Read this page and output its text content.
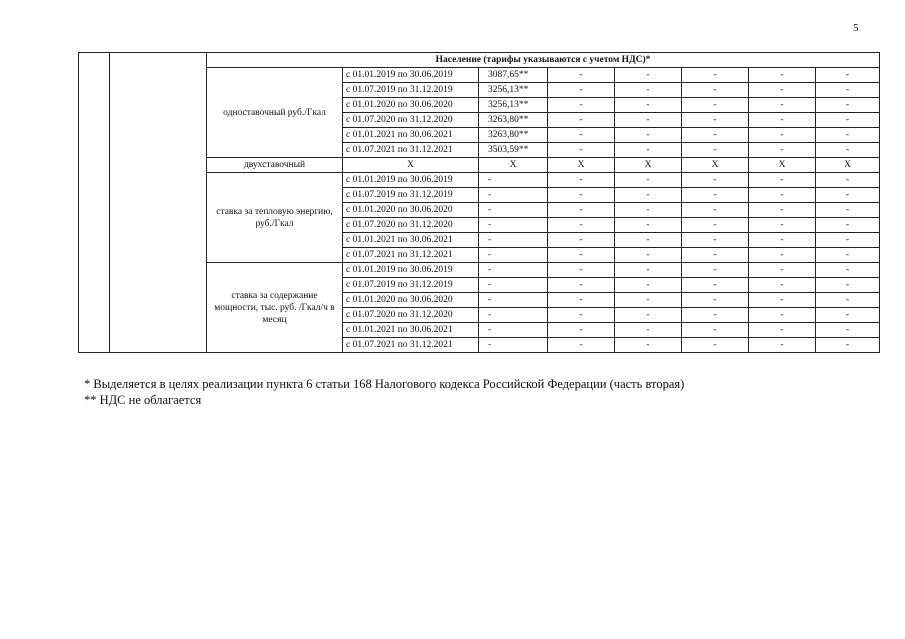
5
		Население (тарифы указываются с учетом НДС)*							
		одноставочный руб./Гкал	с 01.01.2019 по 30.06.2019	3087,65**	-	-	-	-	-
			с 01.07.2019 по 31.12.2019	3256,13**	-	-	-	-	-
			с 01.01.2020 по 30.06.2020	3256,13**	-	-	-	-	-
			с 01.07.2020 по 31.12.2020	3263,80**	-	-	-	-	-
			с 01.01.2021 по 30.06.2021	3263,80**	-	-	-	-	-
			с 01.07.2021 по 31.12.2021	3503,59**	-	-	-	-	-
		двухставочный	Х	Х	Х	Х	Х	Х	Х
		ставка за тепловую энергию, руб./Гкал	с 01.01.2019 по 30.06.2019	-	-	-	-	-	-
			с 01.07.2019 по 31.12.2019	-	-	-	-	-	-
			с 01.01.2020 по 30.06.2020	-	-	-	-	-	-
			с 01.07.2020 по 31.12.2020	-	-	-	-	-	-
			с 01.01.2021 по 30.06.2021	-	-	-	-	-	-
			с 01.07.2021 по 31.12.2021	-	-	-	-	-	-
		ставка за содержание мощности, тыс. руб. /Гкал/ч в месяц	с 01.01.2019 по 30.06.2019	-	-	-	-	-	-
			с 01.07.2019 по 31.12.2019	-	-	-	-	-	-
			с 01.01.2020 по 30.06.2020	-	-	-	-	-	-
			с 01.07.2020 по 31.12.2020	-	-	-	-	-	-
			с 01.01.2021 по 30.06.2021	-	-	-	-	-	-
			с 01.07.2021 по 31.12.2021	-	-	-	-	-	-
* Выделяется в целях реализации пункта 6 статьи 168 Налогового кодекса Российской Федерации (часть вторая)
** НДС не облагается
